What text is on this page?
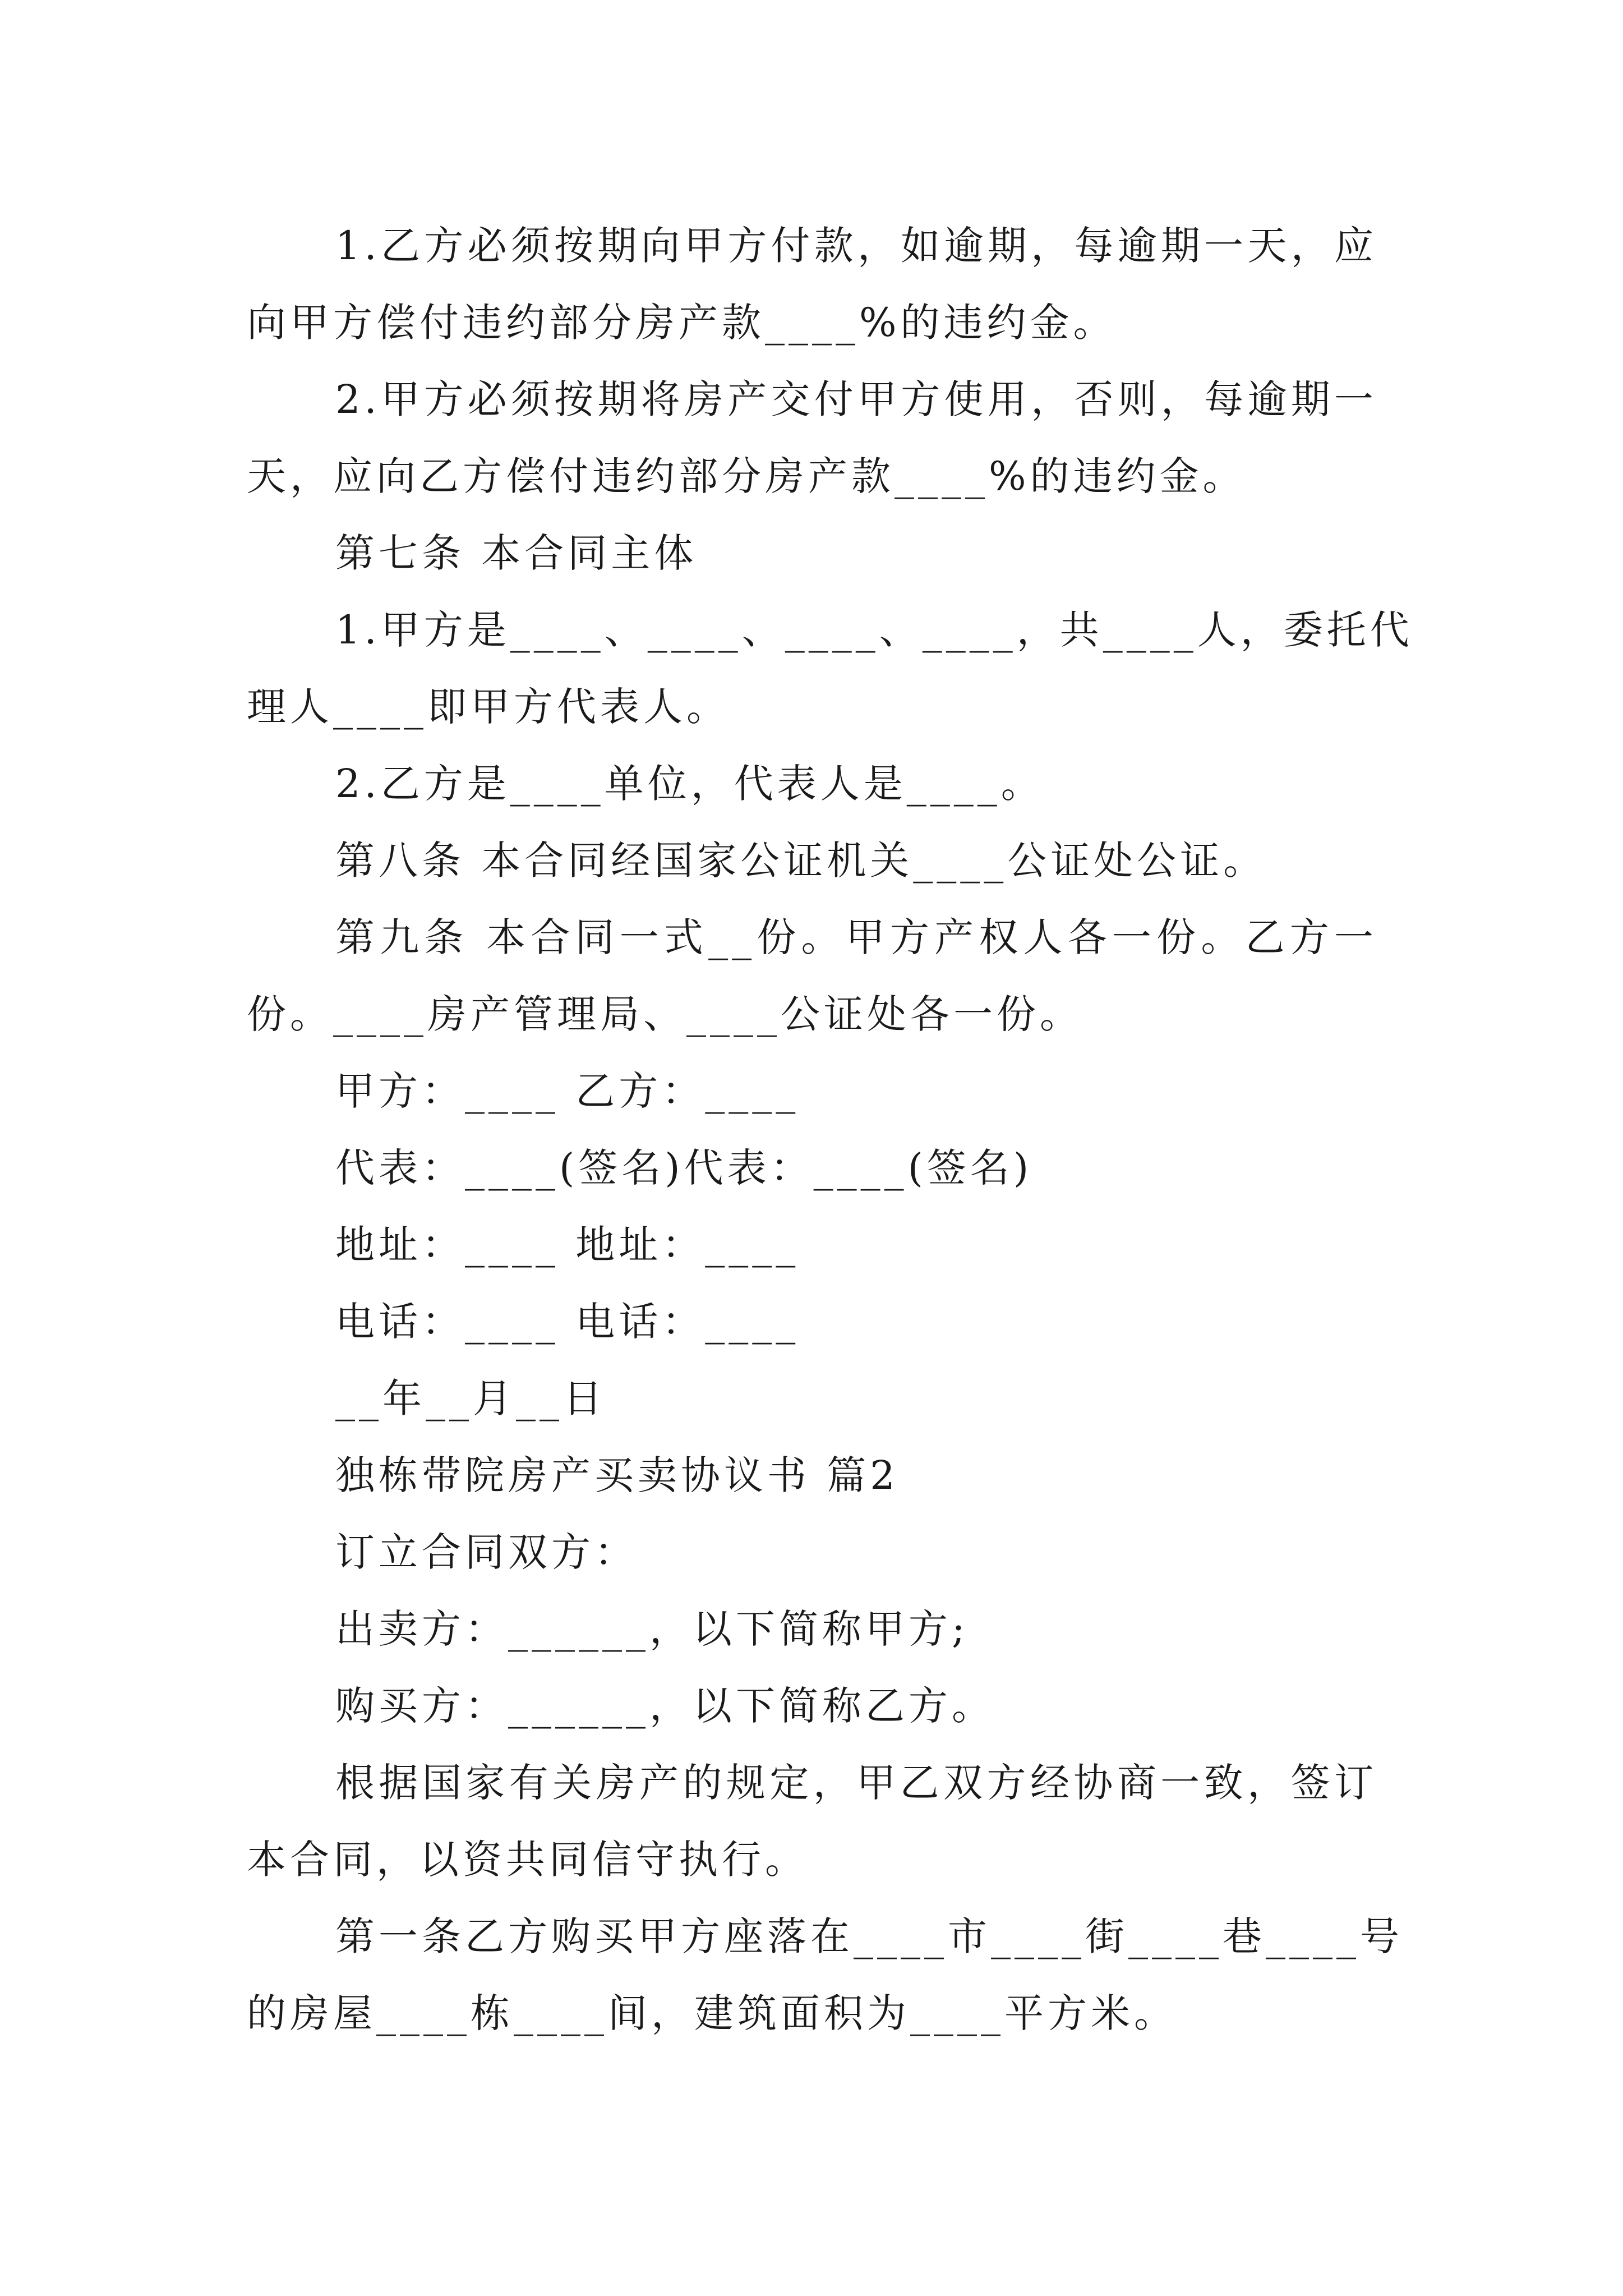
1.乙方必须按期向甲方付款，如逾期，每逾期一天，应
向甲方偿付违约部分房产款____%的违约金。
2.甲方必须按期将房产交付甲方使用，否则，每逾期一
天，应向乙方偿付违约部分房产款____%的违约金。
第七条 本合同主体
1.甲方是____、____、____、____，共____人，委托代
理人____即甲方代表人。
2.乙方是____单位，代表人是____。
第八条 本合同经国家公证机关____公证处公证。
第九条 本合同一式__份。甲方产权人各一份。乙方一
份。____房产管理局、____公证处各一份。
甲方：____ 乙方：____
代表：____(签名)代表：____(签名)
地址：____ 地址：____
电话：____ 电话：____
__年__月__日
独栋带院房产买卖协议书 篇2
订立合同双方：
出卖方：______，以下简称甲方;
购买方：______，以下简称乙方。
根据国家有关房产的规定，甲乙双方经协商一致，签订
本合同，以资共同信守执行。
第一条乙方购买甲方座落在____市____街____巷____号
的房屋____栋____间，建筑面积为____平方米。
